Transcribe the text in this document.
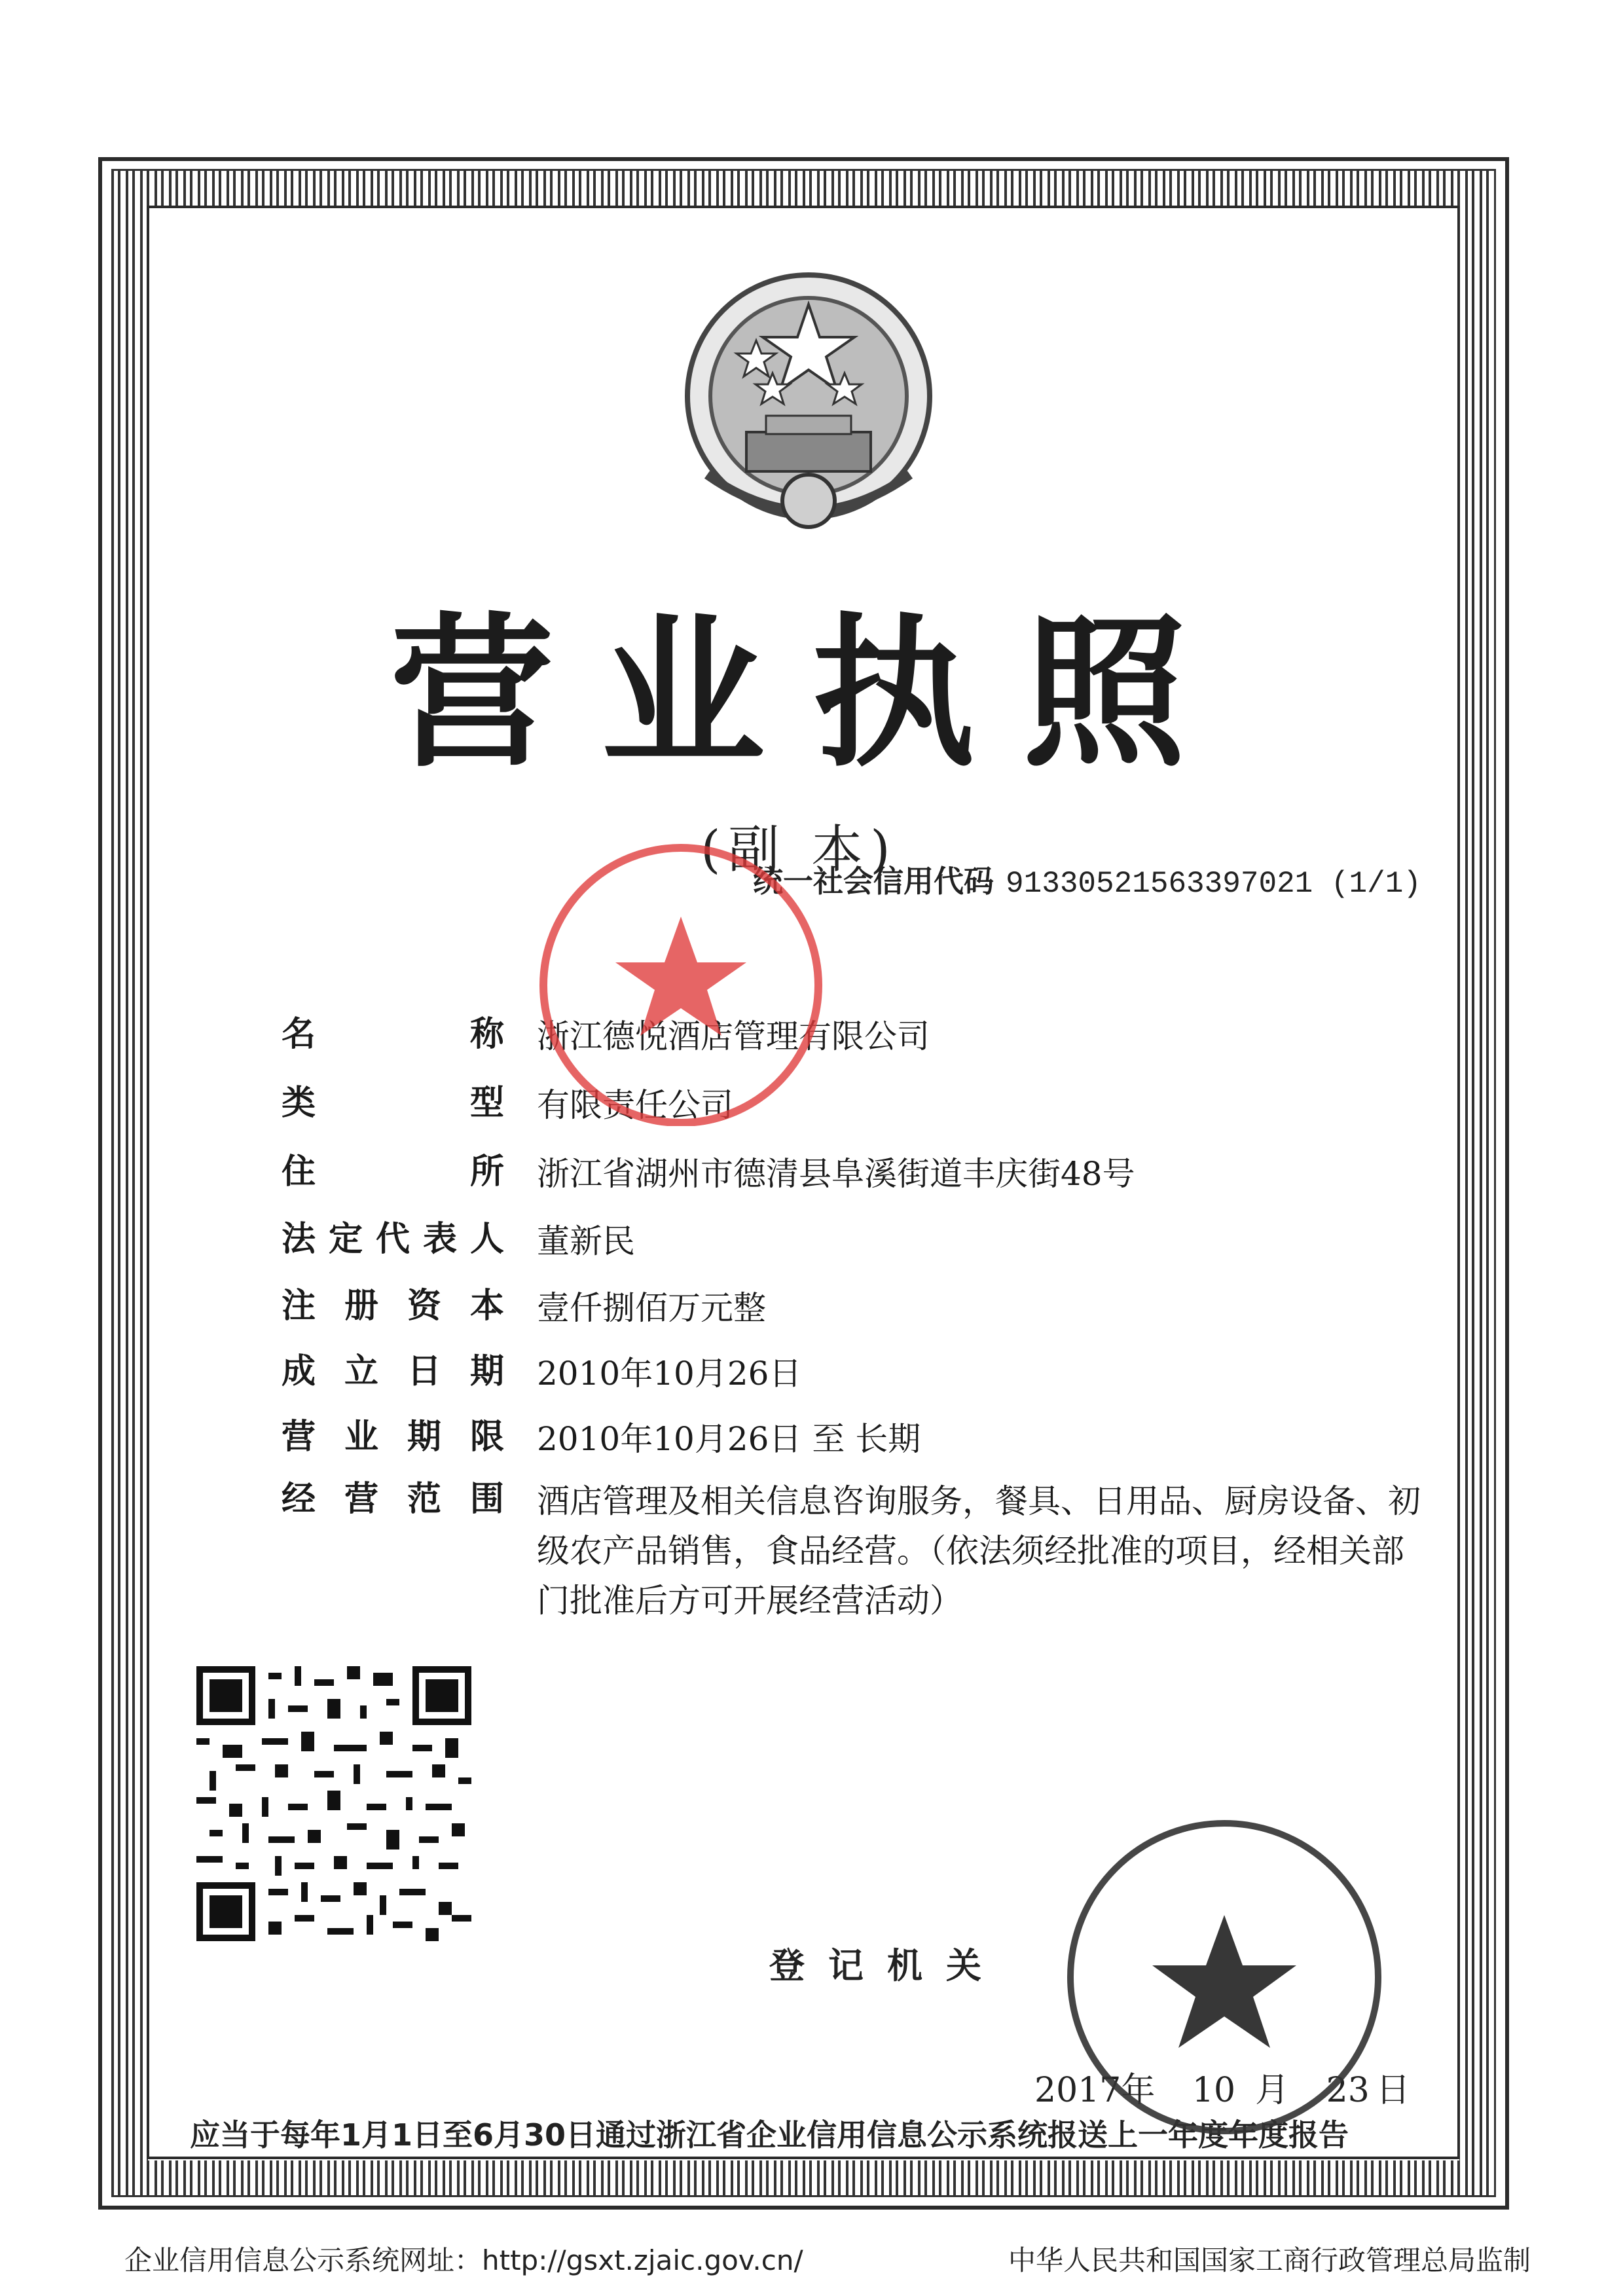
营业执照
(副 本)
统一社会信用代码 91330521563397021 (1/1)
名称 浙江德悦酒店管理有限公司
类型 有限责任公司
住所 浙江省湖州市德清县阜溪街道丰庆街48号
法定代表人 董新民
注册资本 壹仟捌佰万元整
成立日期 2010年10月26日
营业期限 2010年10月26日 至 长期
经营范围 酒店管理及相关信息咨询服务，餐具、日用品、厨房设备、初级农产品销售，食品经营。（依法须经批准的项目，经相关部门批准后方可开展经营活动）
登记机关
2017年 10 月 23 日
应当于每年1月1日至6月30日通过浙江省企业信用信息公示系统报送上一年度年度报告
企业信用信息公示系统网址：http://gsxt.zjaic.gov.cn/	中华人民共和国国家工商行政管理总局监制
